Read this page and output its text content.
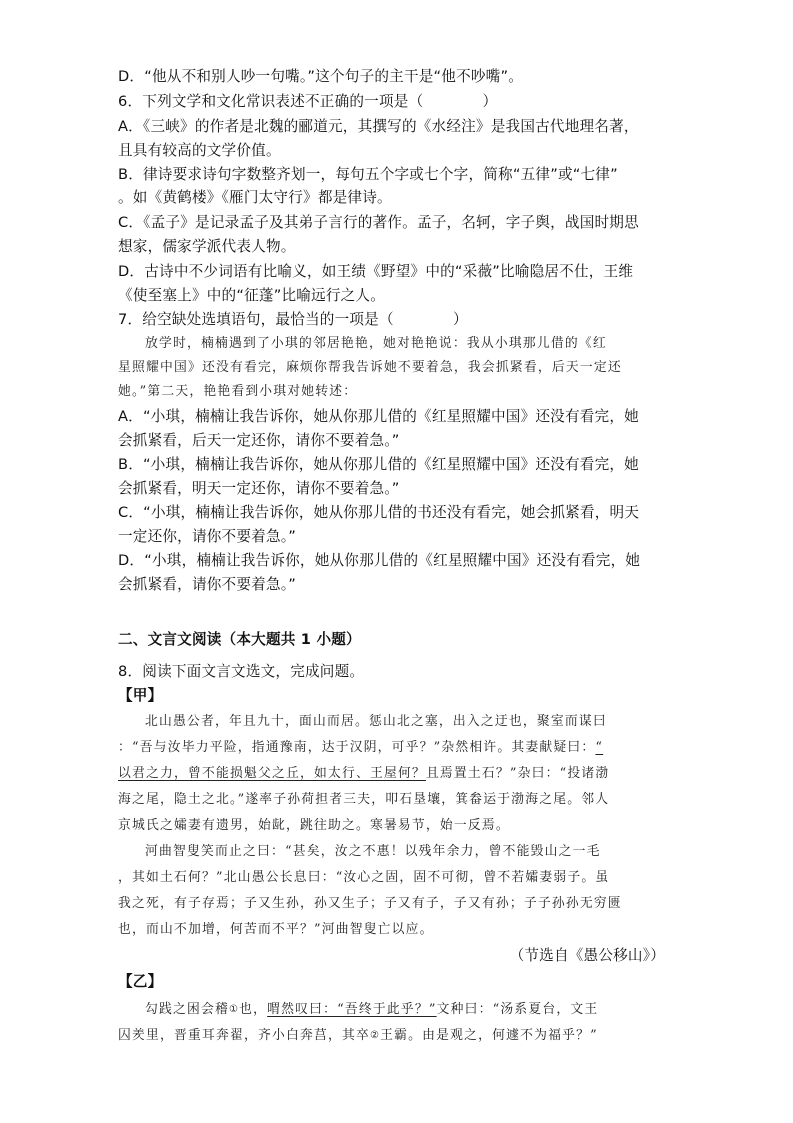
D．“他从不和别人吵一句嘴。”这个句子的主干是“他不吵嘴”。
6．下列文学和文化常识表述不正确的一项是（　　　　）
A．《三峡》的作者是北魏的郦道元，其撰写的《水经注》是我国古代地理名著，
且具有较高的文学价值。
B．律诗要求诗句字数整齐划一，每句五个字或七个字，简称“五律”或“七律”
。如《黄鹤楼》《雁门太守行》都是律诗。
C．《孟子》是记录孟子及其弟子言行的著作。孟子，名轲，字子舆，战国时期思
想家，儒家学派代表人物。
D．古诗中不少词语有比喻义，如王绩《野望》中的“采薇”比喻隐居不仕，王维
《使至塞上》中的“征蓬”比喻远行之人。
7．给空缺处选填语句，最恰当的一项是（　　　　）
放学时，楠楠遇到了小琪的邻居艳艳，她对艳艳说：我从小琪那儿借的《红
星照耀中国》还没有看完，麻烦你帮我告诉她不要着急，我会抓紧看，后天一定还
她。”第二天，艳艳看到小琪对她转述：
A．“小琪，楠楠让我告诉你，她从你那儿借的《红星照耀中国》还没有看完，她
会抓紧看，后天一定还你，请你不要着急。”
B．“小琪，楠楠让我告诉你，她从你那儿借的《红星照耀中国》还没有看完，她
会抓紧看，明天一定还你，请你不要着急。”
C．“小琪，楠楠让我告诉你，她从你那儿借的书还没有看完，她会抓紧看，明天
一定还你，请你不要着急。”
D．“小琪，楠楠让我告诉你，她从你那儿借的《红星照耀中国》还没有看完，她
会抓紧看，请你不要着急。”
二、文言文阅读（本大题共 1 小题）
8．阅读下面文言文选文，完成问题。
【甲】
北山愚公者，年且九十，面山而居。惩山北之塞，出入之迂也，聚室而谋曰
：“吾与汝毕力平险，指通豫南，达于汉阴，可乎？”杂然相许。其妻献疑曰：“
以君之力，曾不能损魁父之丘，如太行、王屋何？且焉置土石？”杂曰：“投诸渤
海之尾，隐土之北。”遂率子孙荷担者三夫，叩石垦壤，箕畚运于渤海之尾。邻人
京城氏之孀妻有遗男，始龀，跳往助之。寒暑易节，始一反焉。
河曲智叟笑而止之曰：“甚矣，汝之不惠！以残年余力，曾不能毁山之一毛
，其如土石何？”北山愚公长息曰：“汝心之固，固不可彻，曾不若孀妻弱子。虽
我之死，有子存焉；子又生孙，孙又生子；子又有子，子又有孙；子子孙孙无穷匮
也，而山不加增，何苦而不平？”河曲智叟亡以应。
（节选自《愚公移山》）
【乙】
勾践之困会稽①也，喟然叹曰：“吾终于此乎？”文种曰：“汤系夏台，文王
囚羑里，晋重耳奔翟，齐小白奔莒，其卒②王霸。由是观之，何遽不为福乎？”
